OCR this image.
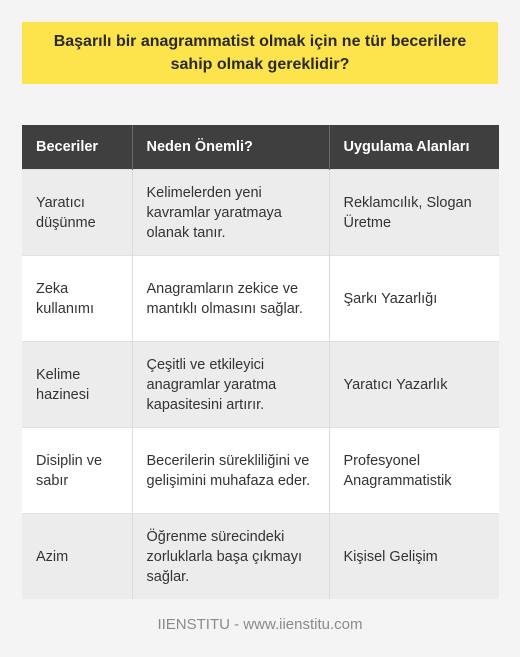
Başarılı bir anagrammatist olmak için ne tür becerilere sahip olmak gereklidir?
Beceriler	Neden Önemli?	Uygulama Alanları
Yaratıcı düşünme	Kelimelerden yeni kavramlar yaratmaya olanak tanır.	Reklamcılık, Slogan Üretme
Zeka kullanımı	Anagramların zekice ve mantıklı olmasını sağlar.	Şarkı Yazarlığı
Kelime hazinesi	Çeşitli ve etkileyici anagramlar yaratma kapasitesini artırır.	Yaratıcı Yazarlık
Disiplin ve sabır	Becerilerin sürekliliğini ve gelişimini muhafaza eder.	Profesyonel Anagrammatistik
Azim	Öğrenme sürecindeki zorluklarla başa çıkmayı sağlar.	Kişisel Gelişim
IIENSTITU - www.iienstitu.com
